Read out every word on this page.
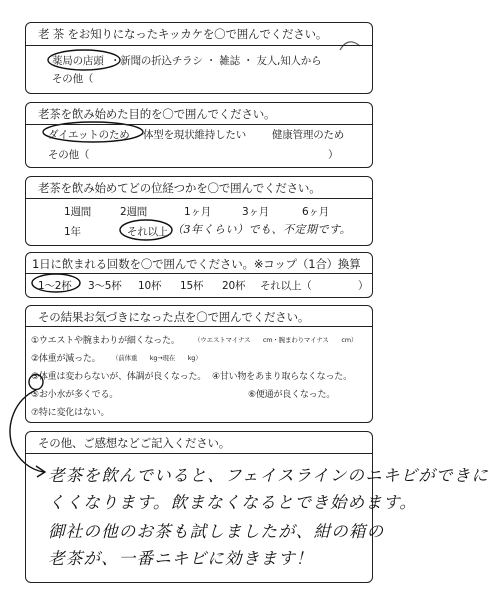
老 茶 をお知りになったキッカケを〇で囲んでください。
薬局の店頭 ・新聞の折込チラシ ・ 雑誌 ・ 友人,知人から
その他（
老茶を飲み始めた目的を〇で囲んでください。
ダイエットのため 体型を現状維持したい 健康管理のため
その他（	）
老茶を飲み始めてどの位経つかを〇で囲んでください。
1週間	2週間	1ヶ月	3ヶ月	6ヶ月
1年	それ以上 （3年くらい）でも、不定期です。
1日に飲まれる回数を〇で囲んでください。※コップ（1合）換算
1～2杯 3～5杯 10杯 15杯 20杯 それ以上（	）
その結果お気づきになった点を〇で囲んでください。
①ウエストや腕まわりが細くなった。 （ウエストマイナス　　cm・腕まわりマイナス　　cm）
②体重が減った。 （前体重　　kg→現在　　kg）
③体重は変わらないが、体調が良くなった。 ④甘い物をあまり取らなくなった。
⑤お小水が多くでる。	⑥便通が良くなった。
⑦特に変化はない。
その他、ご感想などご記入ください。
老茶を飲んでいると、フェイスラインのニキビができに
くくなります。飲まなくなるとでき始めます。
御社の他のお茶も試しましたが、紺の箱の
老茶が、一番ニキビに効きます！
